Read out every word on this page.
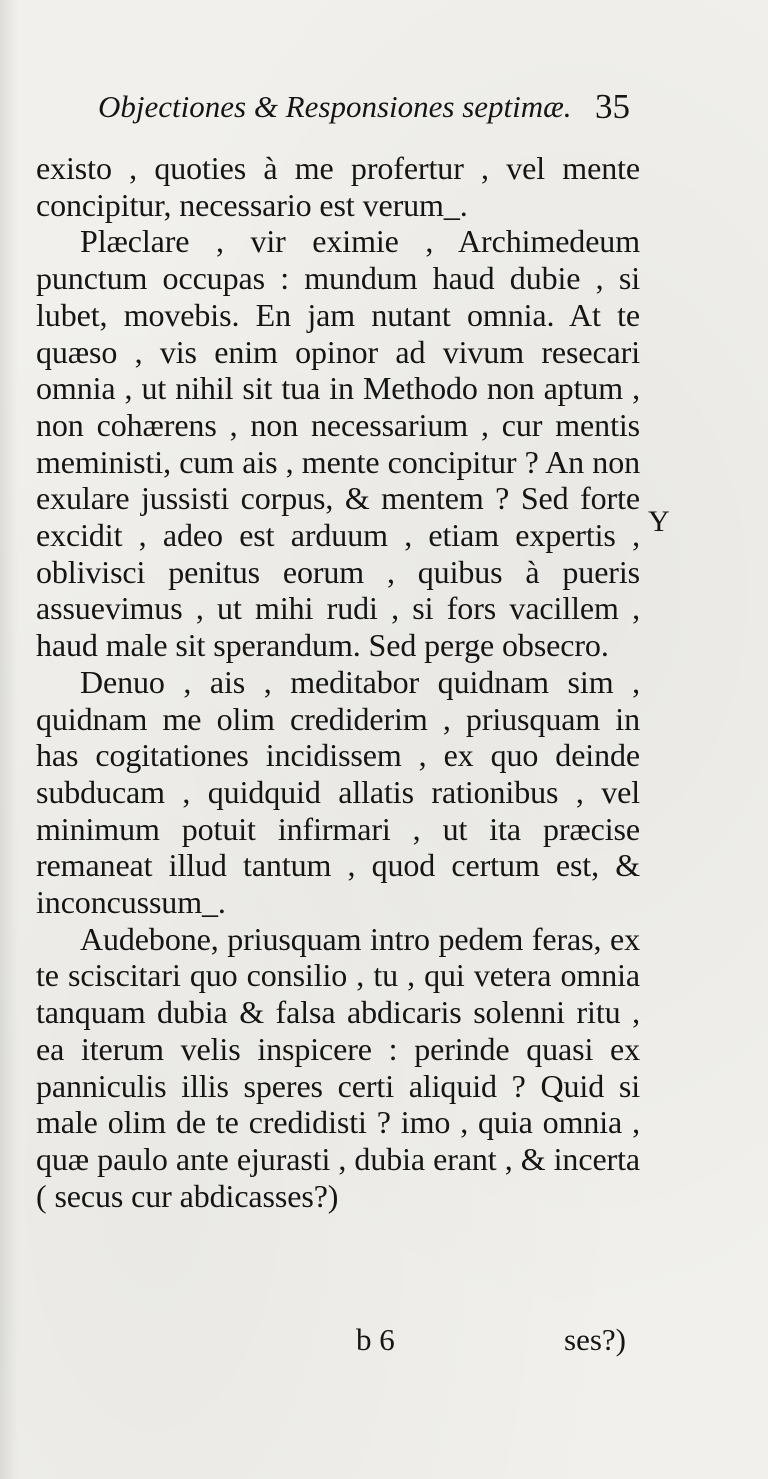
Objectiones & Responsiones septimæ. 35

existo , quoties à me profertur , vel mente concipitur, necessario est verum_.

Plæclare , vir eximie , Archimedeum punctum occupas : mundum haud dubie , si lubet, movebis. En jam nutant omnia. At te quæso , vis enim opinor ad vivum resecari omnia , ut nihil sit tua in Methodo non aptum , non cohærens , non necessarium , cur mentis meministi, cum ais , mente concipitur ? An non exulare jussisti corpus, & mentem ? Sed forte excidit , adeo est arduum , etiam expertis , oblivisci penitus eorum , quibus à pueris assuevimus , ut mihi rudi , si fors vacillem , haud male sit sperandum. Sed perge obsecro.

Denuo , ais , meditabor quidnam sim , quidnam me olim crediderim , priusquam in has cogitationes incidissem , ex quo deinde subducam , quidquid allatis rationibus , vel minimum potuit infirmari , ut ita præcise remaneat illud tantum , quod certum est, & inconcussum_.

Audebone, priusquam intro pedem feras, ex te sciscitari quo consilio , tu , qui vetera omnia tanquam dubia & falsa abdicaris solenni ritu , ea iterum velis inspicere : perinde quasi ex panniculis illis speres certi aliquid ? Quid si male olim de te credidisti ? imo , quia omnia , quæ paulo ante ejurasti , dubia erant , & incerta ( secus cur abdicasses?)

Y
b 6	ses?)
